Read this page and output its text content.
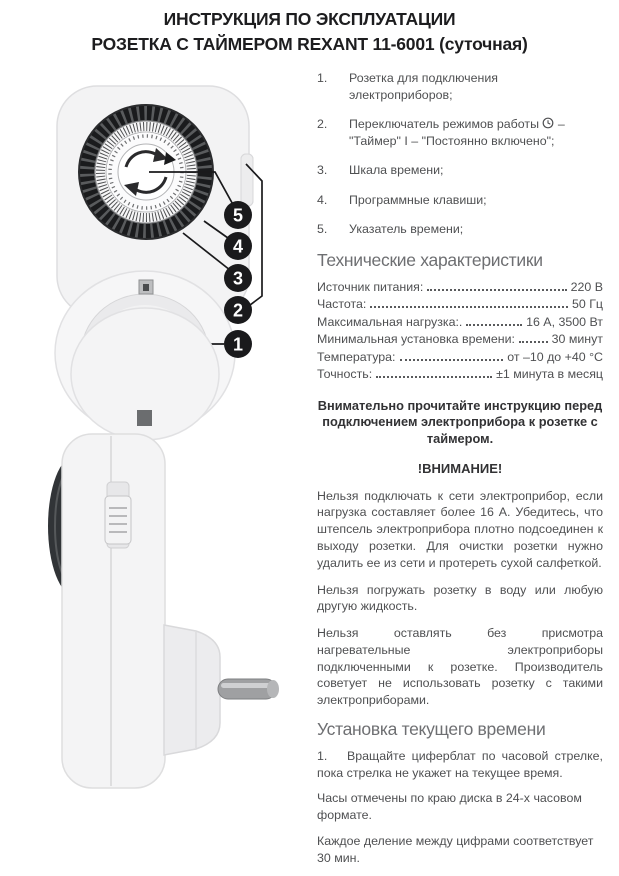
ИНСТРУКЦИЯ ПО ЭКСПЛУАТАЦИИ
РОЗЕТКА С ТАЙМЕРОМ REXANT 11-6001 (суточная)
5
4
3
2
1
1.	Розетка для подключения электроприборов;
2.	Переключатель режимов работы – "Таймер" I – "Постоянно включено";
3.	Шкала времени;
4.	Программные клавиши;
5.	Указатель времени;
Технические характеристики
Источник питания:	220 В
Частота:	50 Гц
Максимальная нагрузка:.	16 А, 3500 Вт
Минимальная установка времени:	30 минут
Температура:	от –10 до +40 °С
Точность:	±1 минута в месяц

Внимательно прочитайте инструкцию перед подключением электроприбора к розетке с таймером.

!ВНИМАНИЕ!

Нельзя подключать к сети электроприбор, если нагрузка составляет более 16 А. Убедитесь, что штепсель электроприбора плотно подсоединен к выходу розетки. Для очистки розетки нужно удалить ее из сети и протереть сухой салфеткой.

Нельзя погружать розетку в воду или любую другую жидкость.

Нельзя оставлять без присмотра нагревательные электроприборы подключенными к розетке. Производитель советует не использовать розетку с такими электроприборами.

Установка текущего времени

1. Вращайте циферблат по часовой стрелке, пока стрелка не укажет на текущее время.

Часы отмечены по краю диска в 24-х часовом формате.

Каждое деление между цифрами соответствует 30 мин.
